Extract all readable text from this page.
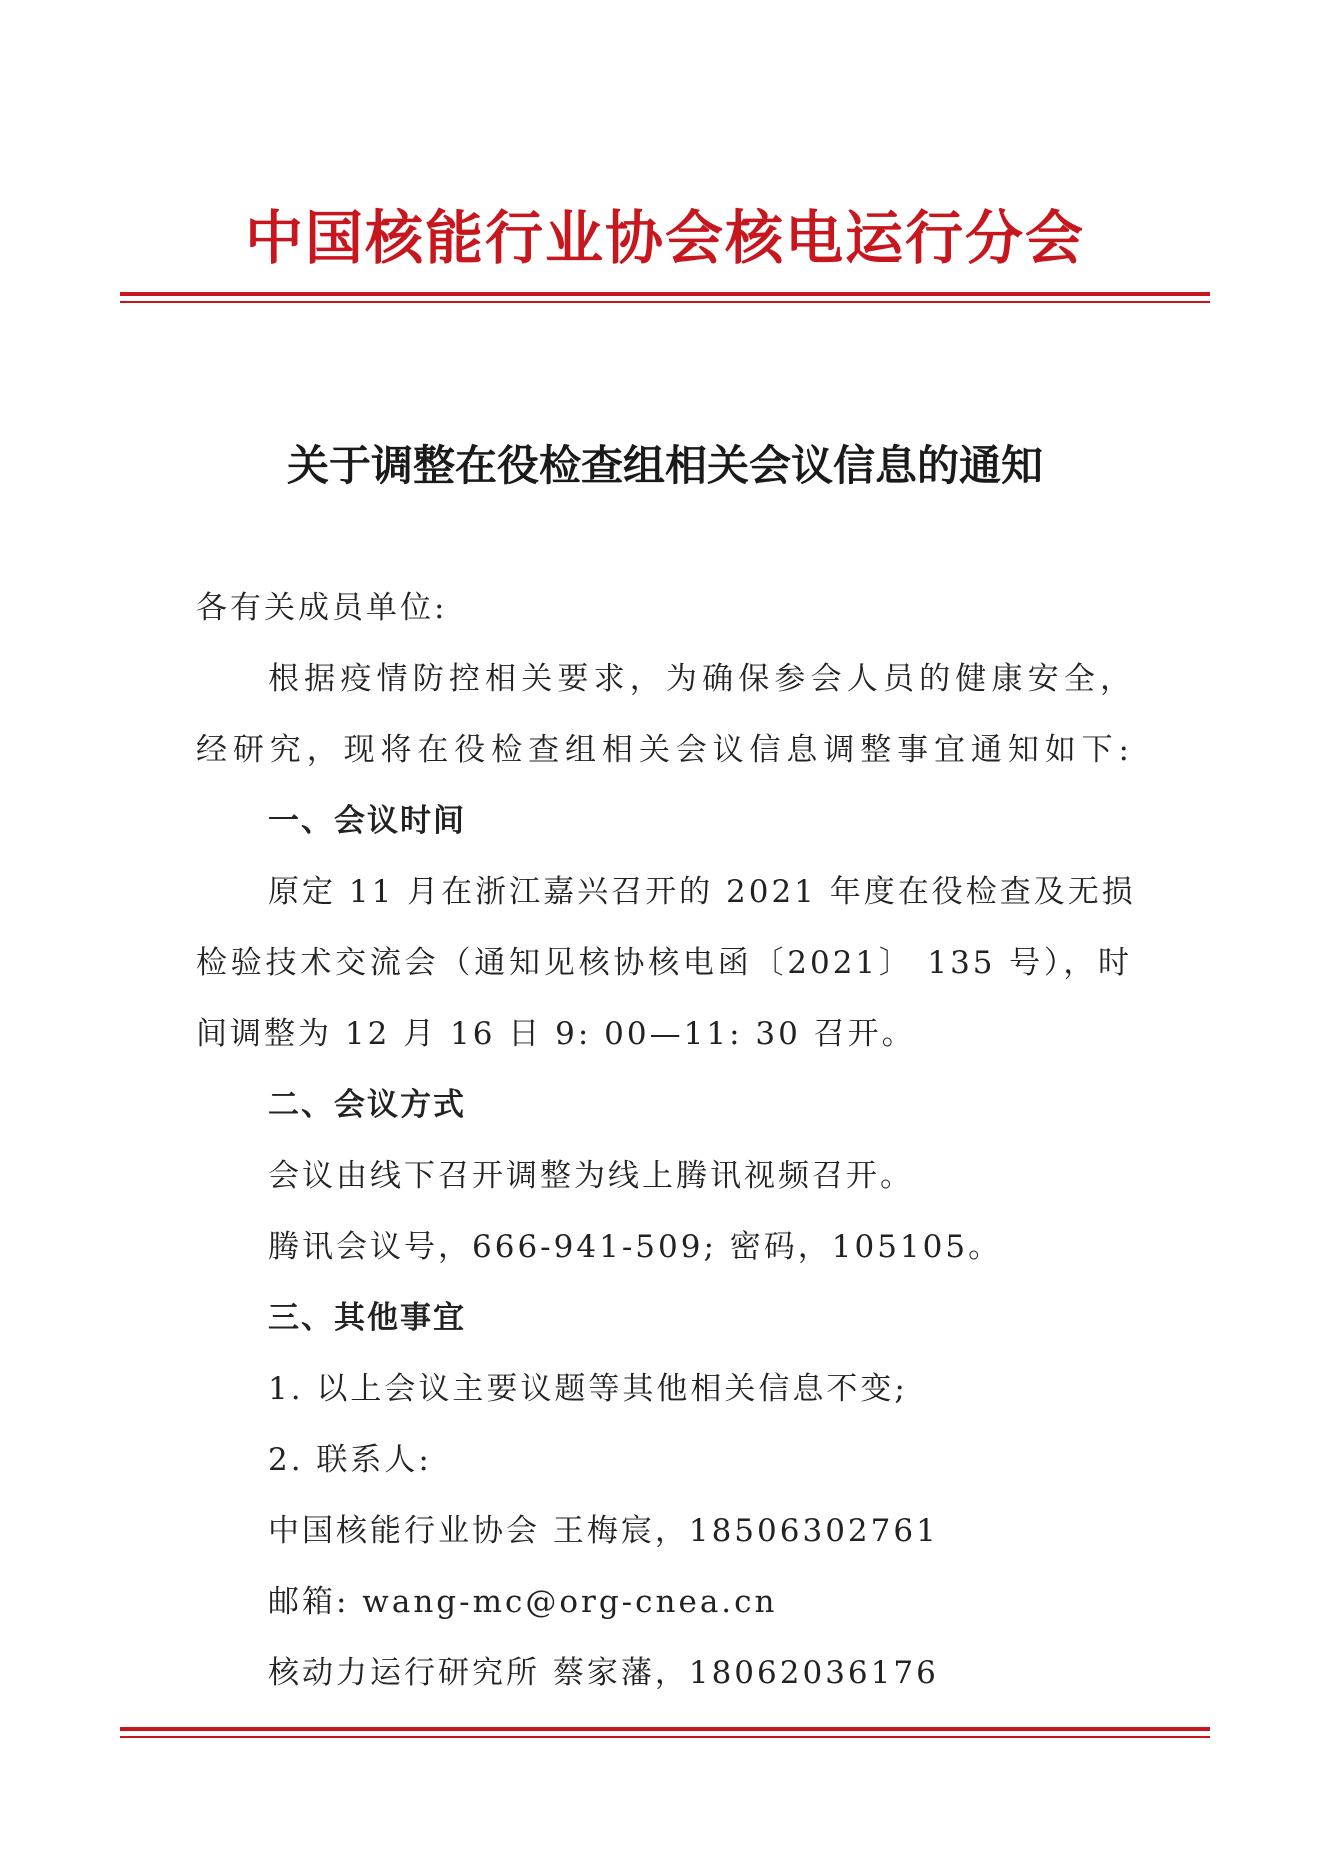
中国核能行业协会核电运行分会
关于调整在役检查组相关会议信息的通知
各有关成员单位:
根据疫情防控相关要求，为确保参会人员的健康安全，
经研究，现将在役检查组相关会议信息调整事宜通知如下:
一、会议时间
原定 11 月在浙江嘉兴召开的 2021 年度在役检查及无损
检验技术交流会（通知见核协核电函〔2021〕 135 号），时
间调整为 12 月 16 日 9: 00—11: 30 召开。
二、会议方式
会议由线下召开调整为线上腾讯视频召开。
腾讯会议号，666-941-509; 密码，105105。
三、其他事宜
1. 以上会议主要议题等其他相关信息不变;
2. 联系人:
中国核能行业协会 王梅宸，18506302761
邮箱: wang-mc@org-cnea.cn
核动力运行研究所 蔡家藩，18062036176
